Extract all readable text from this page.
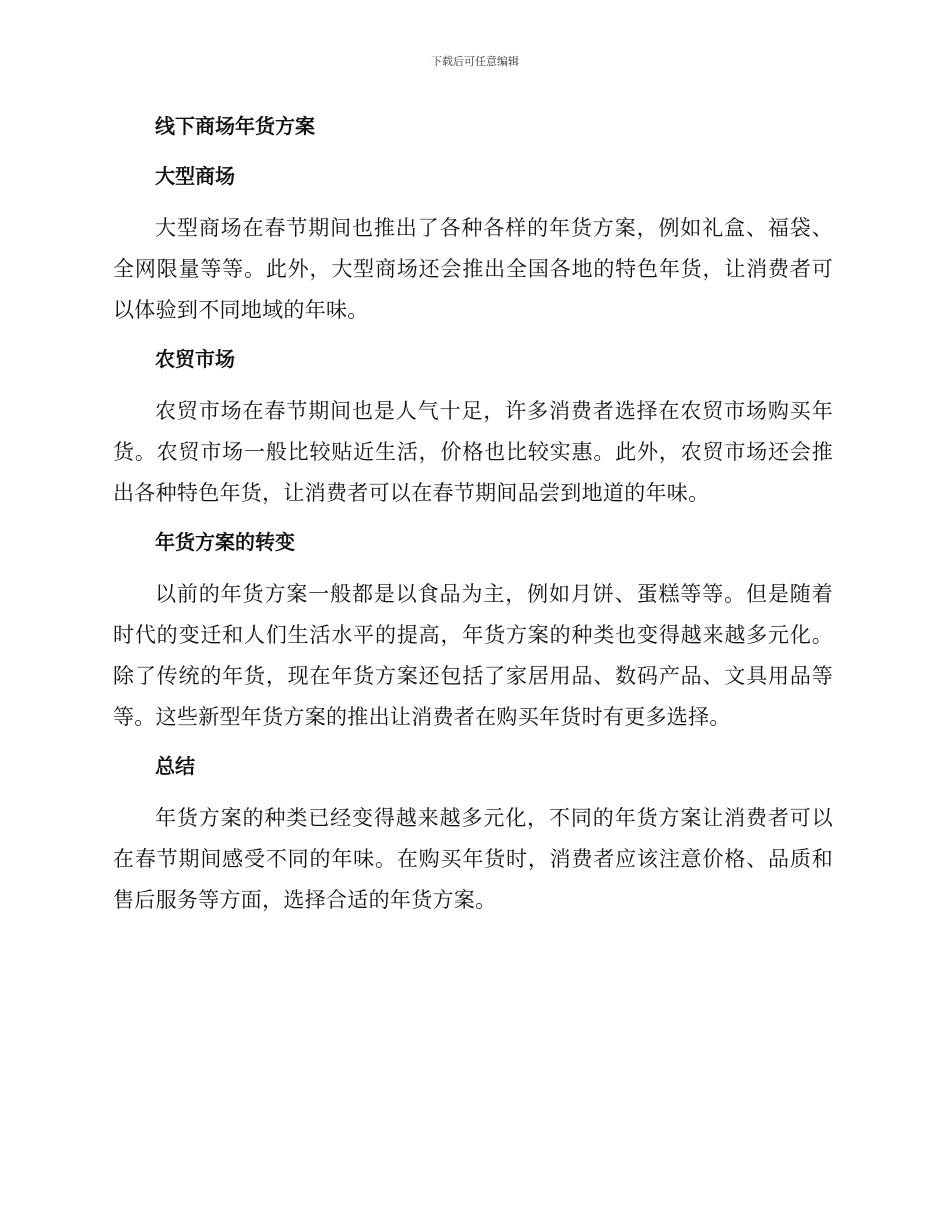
下载后可任意编辑
线下商场年货方案
大型商场

大型商场在春节期间也推出了各种各样的年货方案，例如礼盒、福袋、全网限量等等。此外，大型商场还会推出全国各地的特色年货，让消费者可以体验到不同地域的年味。

农贸市场

农贸市场在春节期间也是人气十足，许多消费者选择在农贸市场购买年货。农贸市场一般比较贴近生活，价格也比较实惠。此外，农贸市场还会推出各种特色年货，让消费者可以在春节期间品尝到地道的年味。

年货方案的转变

以前的年货方案一般都是以食品为主，例如月饼、蛋糕等等。但是随着时代的变迁和人们生活水平的提高，年货方案的种类也变得越来越多元化。除了传统的年货，现在年货方案还包括了家居用品、数码产品、文具用品等等。这些新型年货方案的推出让消费者在购买年货时有更多选择。

总结

年货方案的种类已经变得越来越多元化，不同的年货方案让消费者可以在春节期间感受不同的年味。在购买年货时，消费者应该注意价格、品质和售后服务等方面，选择合适的年货方案。
